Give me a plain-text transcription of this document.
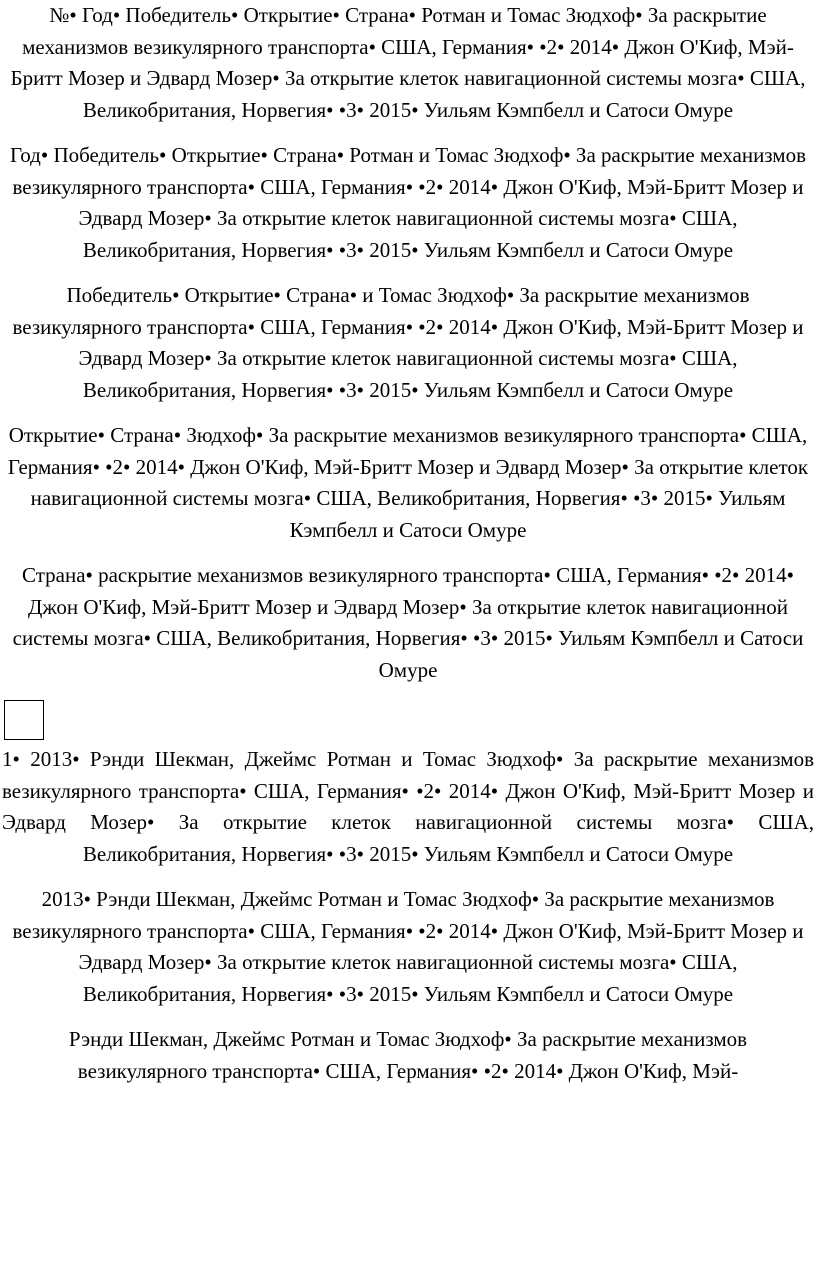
№• Год• Победитель• Открытие• Страна• Ротман и Томас Зюдхоф• За раскрытие механизмов везикулярного транспорта• США, Германия• •2• 2014• Джон О'Киф, Мэй-Бритт Мозер и Эдвард Мозер• За открытие клеток навигационной системы мозга• США, Великобритания, Норвегия• •3• 2015• Уильям Кэмпбелл и Сатоси Омуре

Год• Победитель• Открытие• Страна• Ротман и Томас Зюдхоф• За раскрытие механизмов везикулярного транспорта• США, Германия• •2• 2014• Джон О'Киф, Мэй-Бритт Мозер и Эдвард Мозер• За открытие клеток навигационной системы мозга• США, Великобритания, Норвегия• •3• 2015• Уильям Кэмпбелл и Сатоси Омуре

Победитель• Открытие• Страна• и Томас Зюдхоф• За раскрытие механизмов везикулярного транспорта• США, Германия• •2• 2014• Джон О'Киф, Мэй-Бритт Мозер и Эдвард Мозер• За открытие клеток навигационной системы мозга• США, Великобритания, Норвегия• •3• 2015• Уильям Кэмпбелл и Сатоси Омуре

Открытие• Страна• Зюдхоф• За раскрытие механизмов везикулярного транспорта• США, Германия• •2• 2014• Джон О'Киф, Мэй-Бритт Мозер и Эдвард Мозер• За открытие клеток навигационной системы мозга• США, Великобритания, Норвегия• •3• 2015• Уильям Кэмпбелл и Сатоси Омуре

Страна• раскрытие механизмов везикулярного транспорта• США, Германия• •2• 2014• Джон О'Киф, Мэй-Бритт Мозер и Эдвард Мозер• За открытие клеток навигационной системы мозга• США, Великобритания, Норвегия• •3• 2015• Уильям Кэмпбелл и Сатоси Омуре

1• 2013• Рэнди Шекман, Джеймс Ротман и Томас Зюдхоф• За раскрытие механизмов везикулярного транспорта• США, Германия• •2• 2014• Джон О'Киф, Мэй-Бритт Мозер и Эдвард Мозер• За открытие клеток навигационной системы мозга• США, Великобритания, Норвегия• •3• 2015• Уильям Кэмпбелл и Сатоси Омуре

2013• Рэнди Шекман, Джеймс Ротман и Томас Зюдхоф• За раскрытие механизмов везикулярного транспорта• США, Германия• •2• 2014• Джон О'Киф, Мэй-Бритт Мозер и Эдвард Мозер• За открытие клеток навигационной системы мозга• США, Великобритания, Норвегия• •3• 2015• Уильям Кэмпбелл и Сатоси Омуре

Рэнди Шекман, Джеймс Ротман и Томас Зюдхоф• За раскрытие механизмов везикулярного транспорта• США, Германия• •2• 2014• Джон О'Киф, Мэй-
